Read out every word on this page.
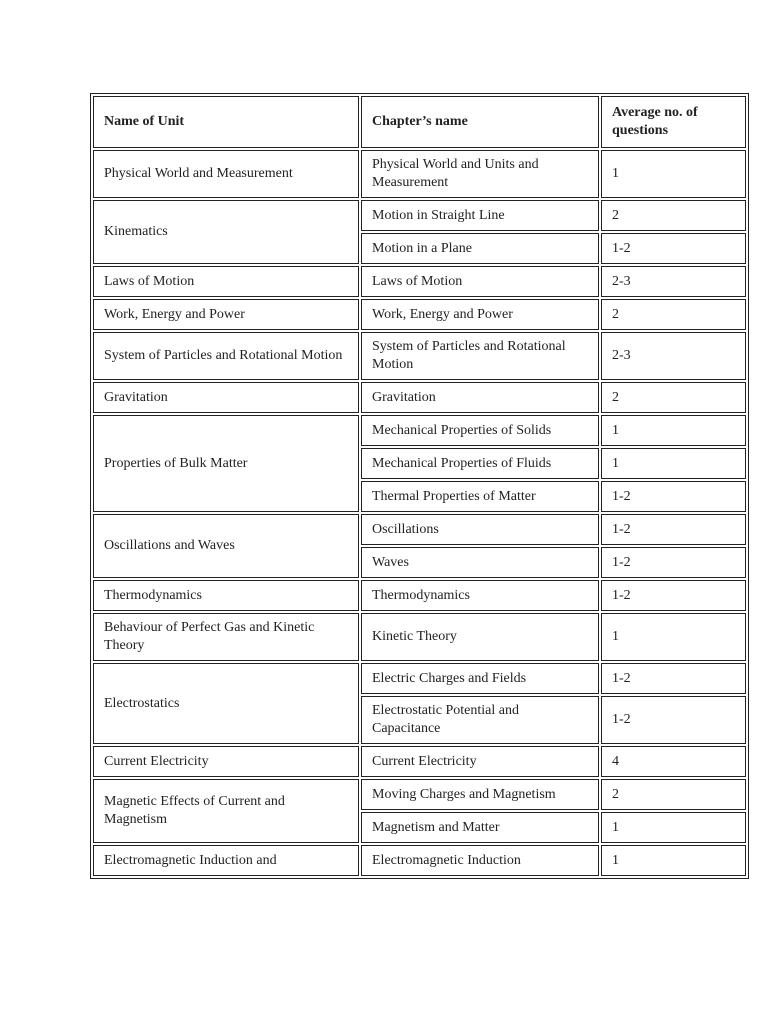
Name of Unit	Chapter’s name	Average no. of questions
Physical World and Measurement	Physical World and Units and Measurement	1
Kinematics	Motion in Straight Line	2
	Motion in a Plane	1-2
Laws of Motion	Laws of Motion	2-3
Work, Energy and Power	Work, Energy and Power	2
System of Particles and Rotational Motion	System of Particles and Rotational Motion	2-3
Gravitation	Gravitation	2
Properties of Bulk Matter	Mechanical Properties of Solids	1
	Mechanical Properties of Fluids	1
	Thermal Properties of Matter	1-2
Oscillations and Waves	Oscillations	1-2
	Waves	1-2
Thermodynamics	Thermodynamics	1-2
Behaviour of Perfect Gas and Kinetic Theory	Kinetic Theory	1
Electrostatics	Electric Charges and Fields	1-2
	Electrostatic Potential and Capacitance	1-2
Current Electricity	Current Electricity	4
Magnetic Effects of Current and Magnetism	Moving Charges and Magnetism	2
	Magnetism and Matter	1
Electromagnetic Induction and	Electromagnetic Induction	1
